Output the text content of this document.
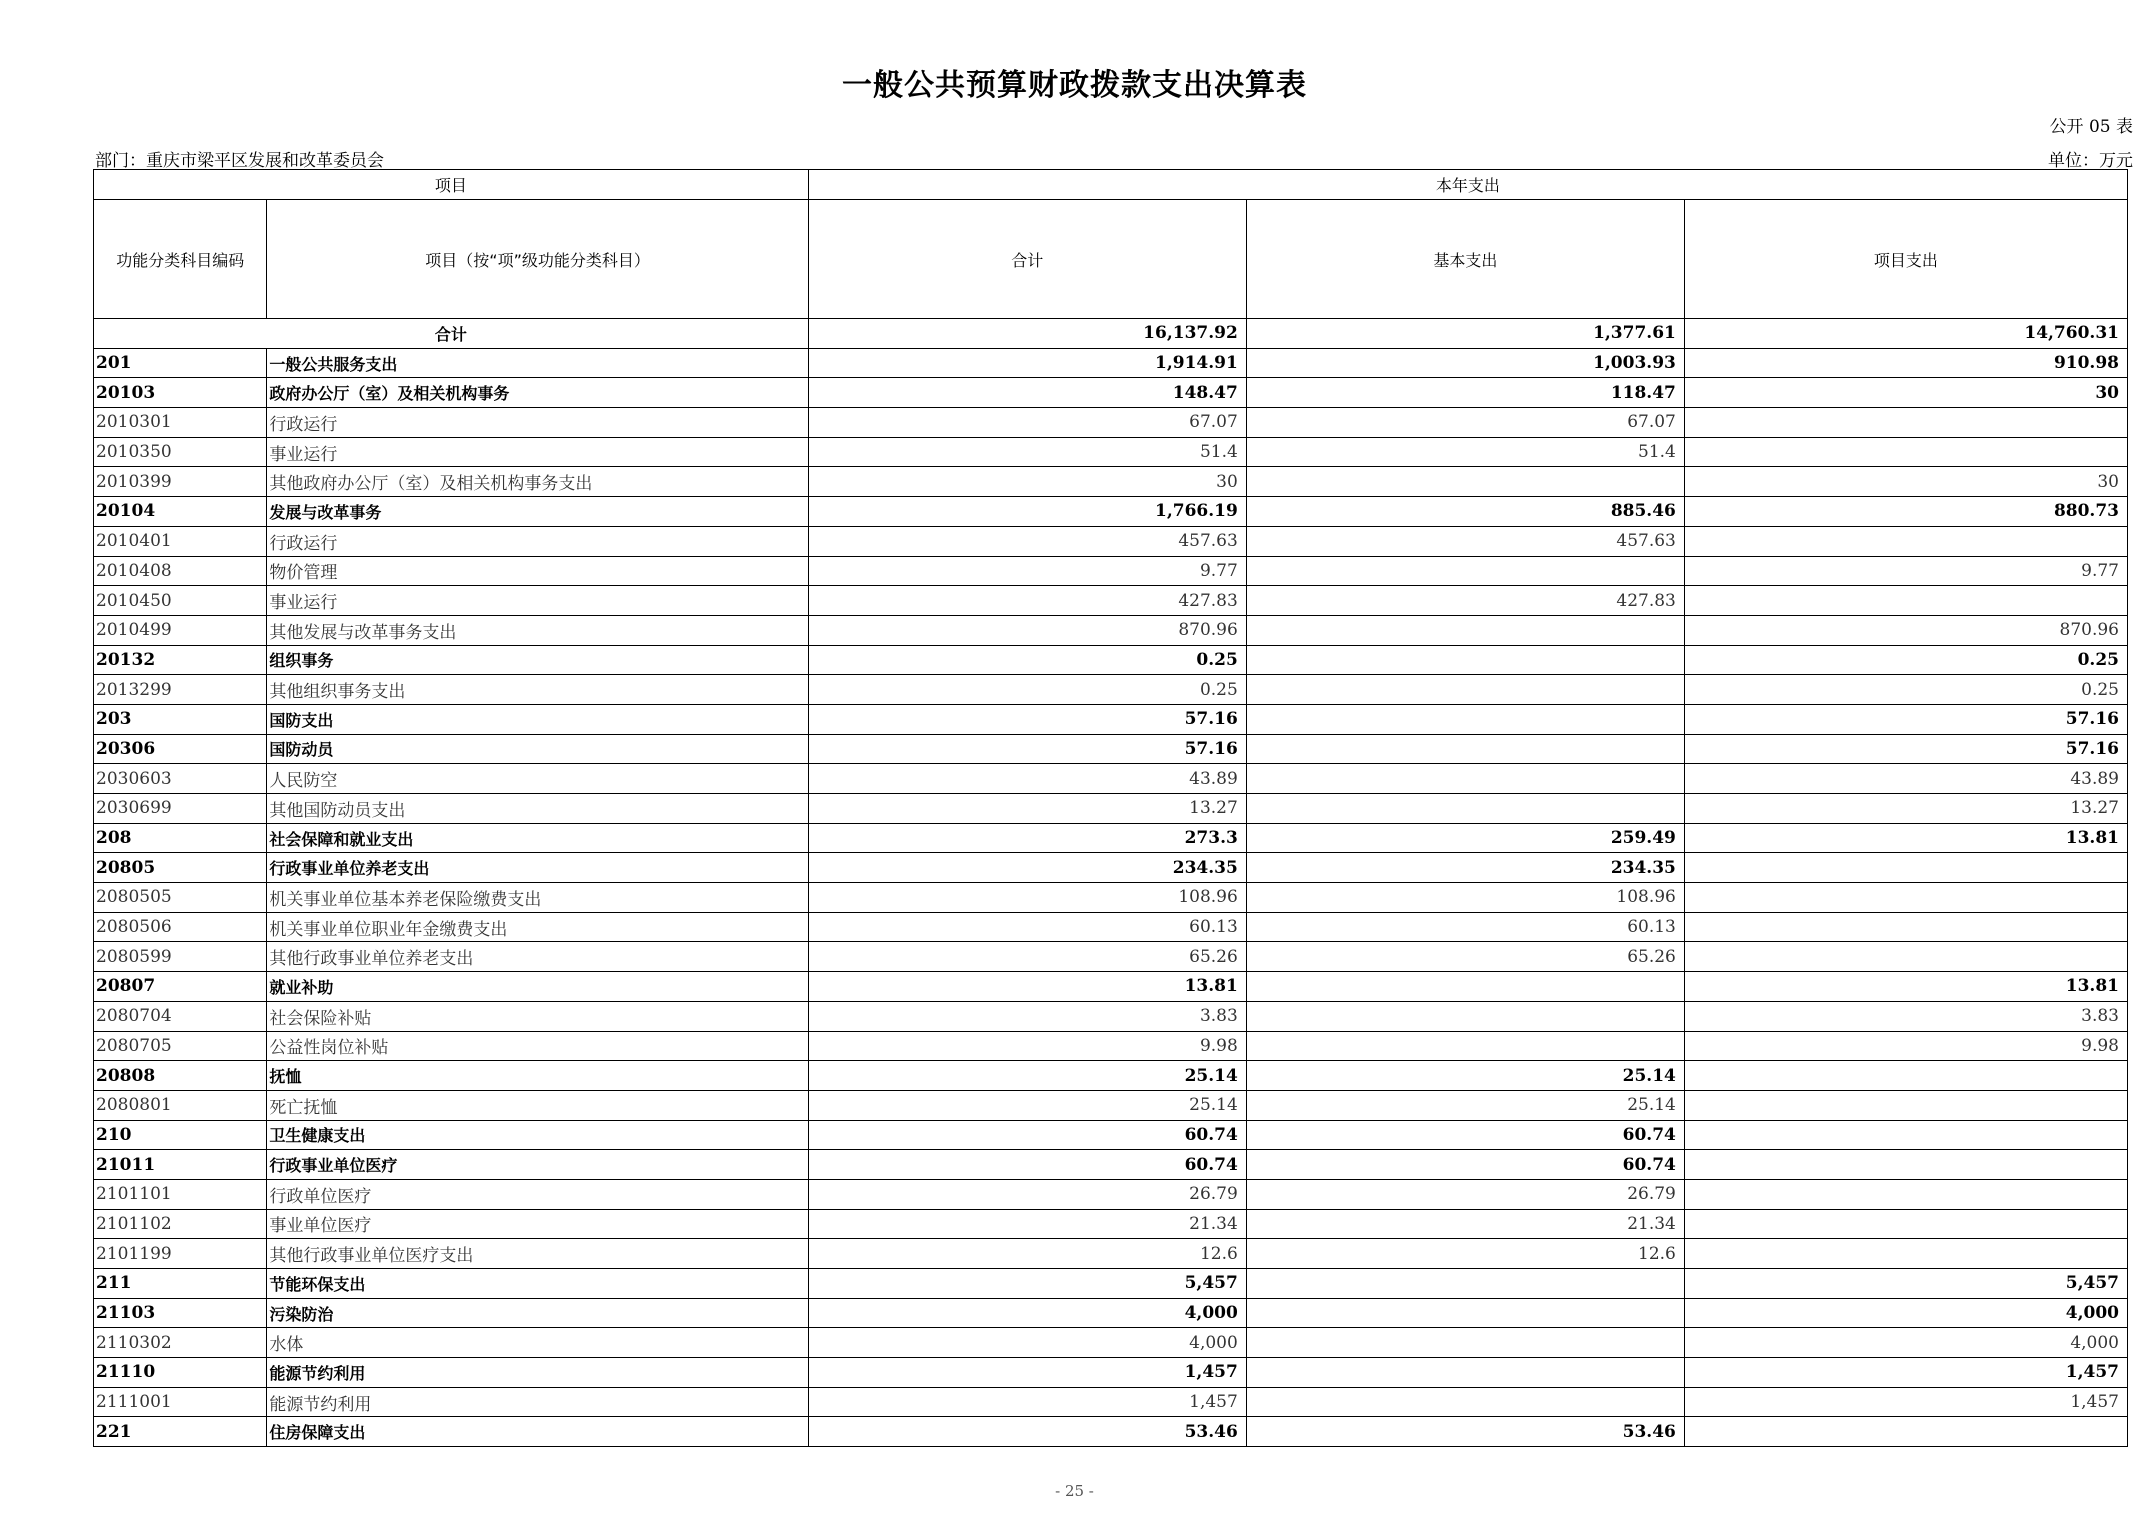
一般公共预算财政拨款支出决算表
公开 05 表
部门：重庆市梁平区发展和改革委员会	单位：万元
项目		本年支出		
功能分类科目编码	项目（按“项”级功能分类科目）	合计	基本支出	项目支出
合计		16,137.92	1,377.61	14,760.31
201	一般公共服务支出	1,914.91	1,003.93	910.98
20103	政府办公厅（室）及相关机构事务	148.47	118.47	30
2010301	行政运行	67.07	67.07	
2010350	事业运行	51.4	51.4	
2010399	其他政府办公厅（室）及相关机构事务支出	30		30
20104	发展与改革事务	1,766.19	885.46	880.73
2010401	行政运行	457.63	457.63	
2010408	物价管理	9.77		9.77
2010450	事业运行	427.83	427.83	
2010499	其他发展与改革事务支出	870.96		870.96
20132	组织事务	0.25		0.25
2013299	其他组织事务支出	0.25		0.25
203	国防支出	57.16		57.16
20306	国防动员	57.16		57.16
2030603	人民防空	43.89		43.89
2030699	其他国防动员支出	13.27		13.27
208	社会保障和就业支出	273.3	259.49	13.81
20805	行政事业单位养老支出	234.35	234.35	
2080505	机关事业单位基本养老保险缴费支出	108.96	108.96	
2080506	机关事业单位职业年金缴费支出	60.13	60.13	
2080599	其他行政事业单位养老支出	65.26	65.26	
20807	就业补助	13.81		13.81
2080704	社会保险补贴	3.83		3.83
2080705	公益性岗位补贴	9.98		9.98
20808	抚恤	25.14	25.14	
2080801	死亡抚恤	25.14	25.14	
210	卫生健康支出	60.74	60.74	
21011	行政事业单位医疗	60.74	60.74	
2101101	行政单位医疗	26.79	26.79	
2101102	事业单位医疗	21.34	21.34	
2101199	其他行政事业单位医疗支出	12.6	12.6	
211	节能环保支出	5,457		5,457
21103	污染防治	4,000		4,000
2110302	水体	4,000		4,000
21110	能源节约利用	1,457		1,457
2111001	能源节约利用	1,457		1,457
221	住房保障支出	53.46	53.46	
- 25 -
